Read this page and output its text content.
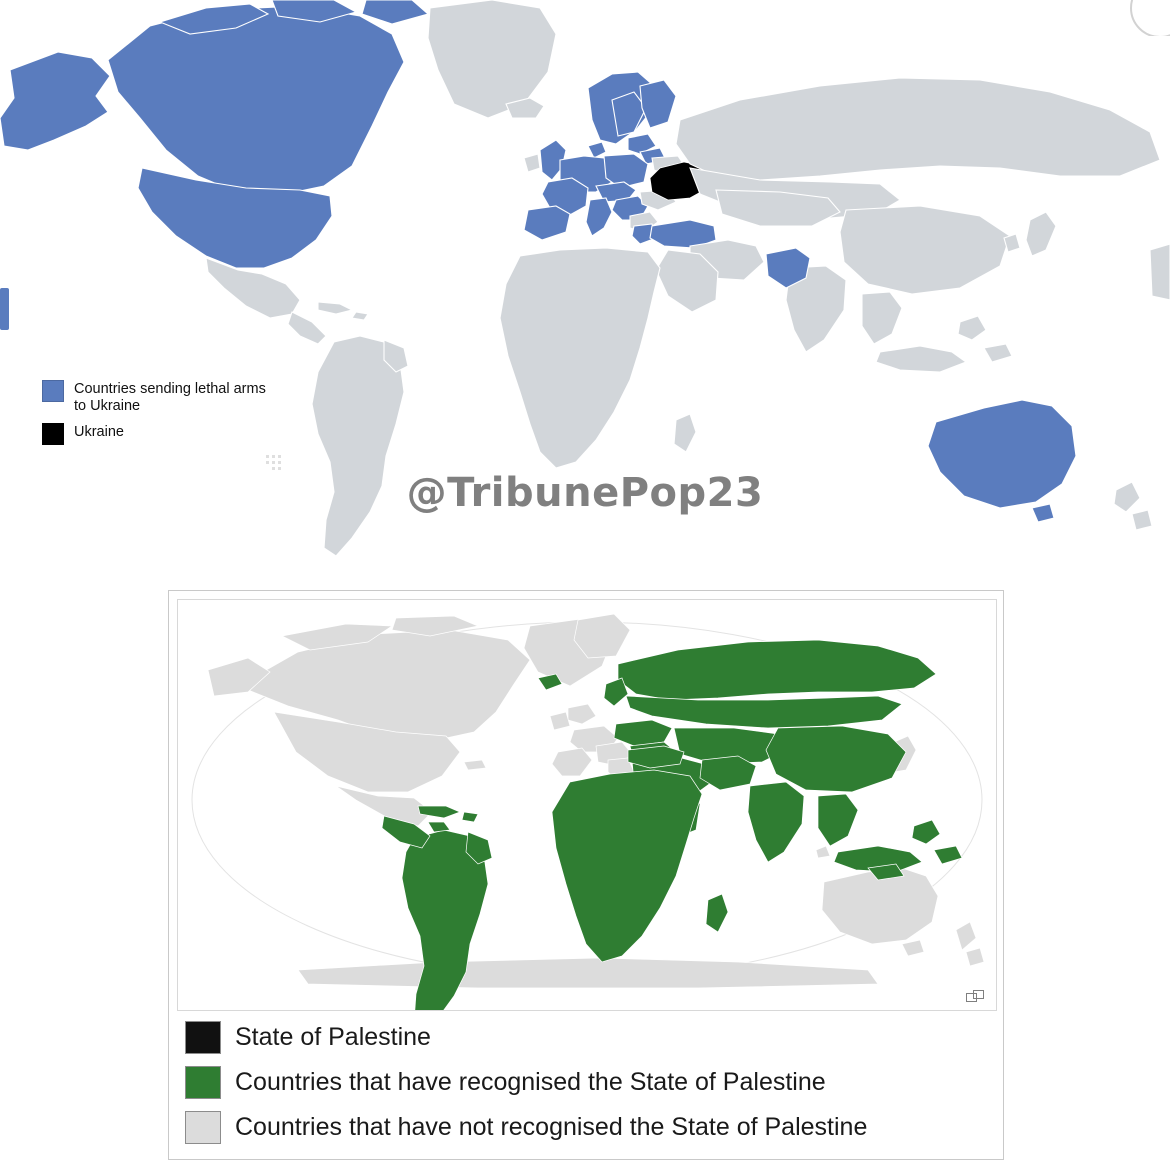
Countries sending lethal arms to Ukraine
Ukraine
@TribunePop23
State of Palestine
Countries that have recognised the State of Palestine
Countries that have not recognised the State of Palestine
